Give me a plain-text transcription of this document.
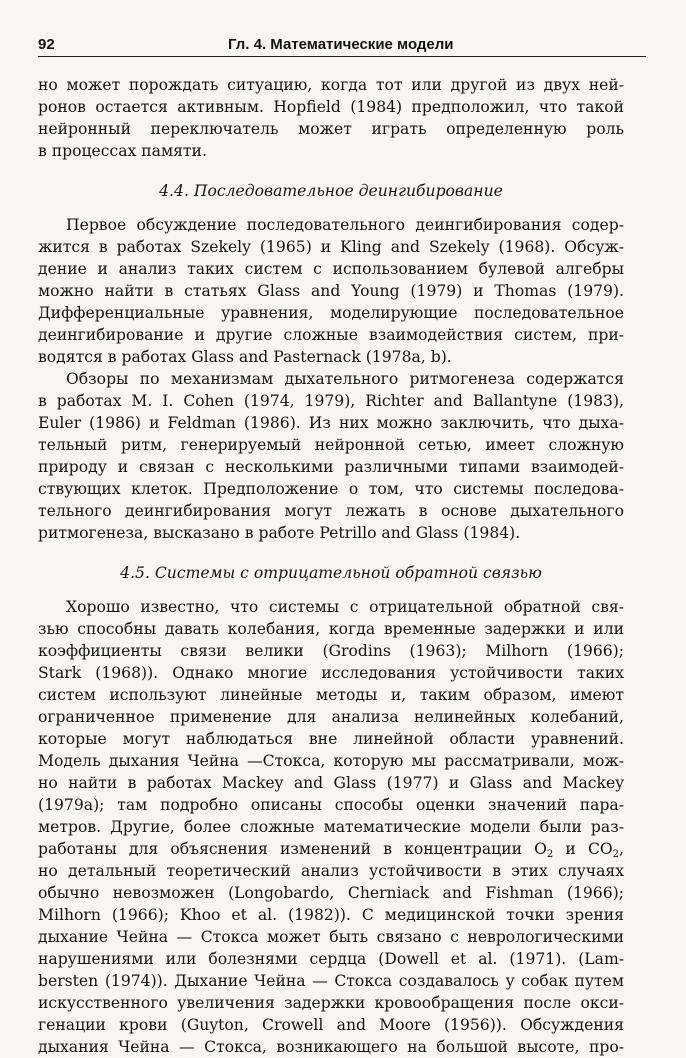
92	Гл. 4. Математические модели
но может порождать ситуацию, когда тот или другой из двух ней-
ронов остается активным. Hopfield (1984) предположил, что такой
нейронный переключатель может играть определенную роль
в процессах памяти.
4.4. Последовательное деингибирование
Первое обсуждение последовательного деингибирования содер-
жится в работах Szekely (1965) и Kling and Szekely (1968). Обсуж-
дение и анализ таких систем с использованием булевой алгебры
можно найти в статьях Glass and Young (1979) и Thomas (1979).
Дифференциальные уравнения, моделирующие последовательное
деингибирование и другие сложные взаимодействия систем, при-
водятся в работах Glass and Pasternack (1978a, b).
Обзоры по механизмам дыхательного ритмогенеза содержатся
в работах M. I. Cohen (1974, 1979), Richter and Ballantyne (1983),
Euler (1986) и Feldman (1986). Из них можно заключить, что дыха-
тельный ритм, генерируемый нейронной сетью, имеет сложную
природу и связан с несколькими различными типами взаимодей-
ствующих клеток. Предположение о том, что системы последова-
тельного деингибирования могут лежать в основе дыхательного
ритмогенеза, высказано в работе Petrillo and Glass (1984).
4.5. Системы с отрицательной обратной связью
Хорошо известно, что системы с отрицательной обратной свя-
зью способны давать колебания, когда временные задержки и или
коэффициенты связи велики (Grodins (1963); Milhorn (1966);
Stark (1968)). Однако многие исследования устойчивости таких
систем используют линейные методы и, таким образом, имеют
ограниченное применение для анализа нелинейных колебаний,
которые могут наблюдаться вне линейной области уравнений.
Модель дыхания Чейна —Стокса, которую мы рассматривали, мож-
но найти в работах Mackey and Glass (1977) и Glass and Mackey
(1979a); там подробно описаны способы оценки значений пара-
метров. Другие, более сложные математические модели были раз-
работаны для объяснения изменений в концентрации $O_2$ и $CO_2$,
но детальный теоретический анализ устойчивости в этих случаях
обычно невозможен (Longobardo, Cherniack and Fishman (1966);
Milhorn (1966); Khoo et al. (1982)). С медицинской точки зрения
дыхание Чейна — Стокса может быть связано с неврологическими
нарушениями или болезнями сердца (Dowell et al. (1971). (Lam-
bersten (1974)). Дыхание Чейна — Стокса создавалось у собак путем
искусственного увеличения задержки кровообращения после окси-
генации крови (Guyton, Crowell and Moore (1956)). Обсуждения
дыхания Чейна — Стокса, возникающего на большой высоте, про-
